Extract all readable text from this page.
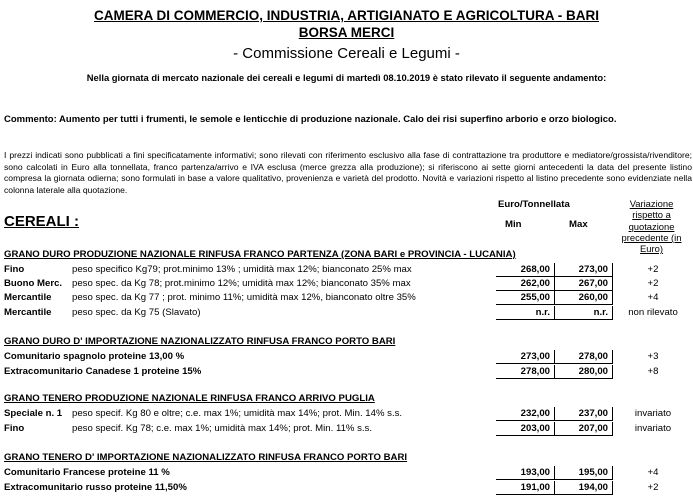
CAMERA DI COMMERCIO, INDUSTRIA, ARTIGIANATO E AGRICOLTURA - BARI
BORSA MERCI
- Commissione Cereali e Legumi -
Nella giornata di mercato nazionale dei cereali e legumi di martedì 08.10.2019 è stato rilevato il seguente andamento:
Commento: Aumento per tutti i frumenti, le semole e lenticchie di produzione nazionale. Calo dei risi superfino arborio e orzo biologico.
I prezzi indicati sono pubblicati a fini specificatamente informativi; sono rilevati con riferimento esclusivo alla fase di contrattazione tra produttore e mediatore/grossista/rivenditore; sono calcolati in Euro alla tonnellata, franco partenza/arrivo e IVA esclusa (merce grezza alla produzione); si riferiscono ai sette giorni antecedenti la data del presente listino compresa la giornata odierna; sono formulati in base a valore qualitativo, provenienza e varietà del prodotto. Novità e variazioni rispetto al listino precedente sono evidenziate nella colonna laterale alla quotazione.
CEREALI :
Euro/Tonnellata
Min	Max
Variazione
rispetto a
quotazione
precedente (in
Euro)
GRANO DURO PRODUZIONE NAZIONALE RINFUSA FRANCO PARTENZA (ZONA BARI e PROVINCIA - LUCANIA)
Fino	peso specifico Kg79; prot.minimo 13% ; umidità max 12%; bianconato 25% max	268,00	273,00	+2
Buono Merc. peso spec. da Kg 78; prot.minimo 12%; umidità max 12%; bianconato 35% max	262,00	267,00	+2
Mercantile peso spec. da Kg 77 ; prot. minimo 11%; umidità max 12%, bianconato oltre 35%	255,00	260,00	+4
Mercantile peso spec. da Kg 75 (Slavato)	n.r.	n.r.	non rilevato
GRANO DURO D' IMPORTAZIONE NAZIONALIZZATO RINFUSA FRANCO PORTO BARI
Comunitario spagnolo proteine 13,00 %	273,00	278,00	+3
Extracomunitario Canadese 1 proteine 15%	278,00	280,00	+8
GRANO TENERO PRODUZIONE NAZIONALE RINFUSA FRANCO ARRIVO PUGLIA
Speciale n. 1 peso specif. Kg 80 e oltre; c.e. max 1%; umidità max 14%; prot. Min. 14% s.s.	232,00	237,00	invariato
Fino	peso specif. Kg 78; c.e. max 1%; umidità max 14%; prot. Min. 11% s.s.	203,00	207,00	invariato
GRANO TENERO D' IMPORTAZIONE NAZIONALIZZATO RINFUSA FRANCO PORTO BARI
Comunitario Francese proteine 11 %	193,00	195,00	+4
Extracomunitario russo proteine 11,50%	191,00	194,00	+2
